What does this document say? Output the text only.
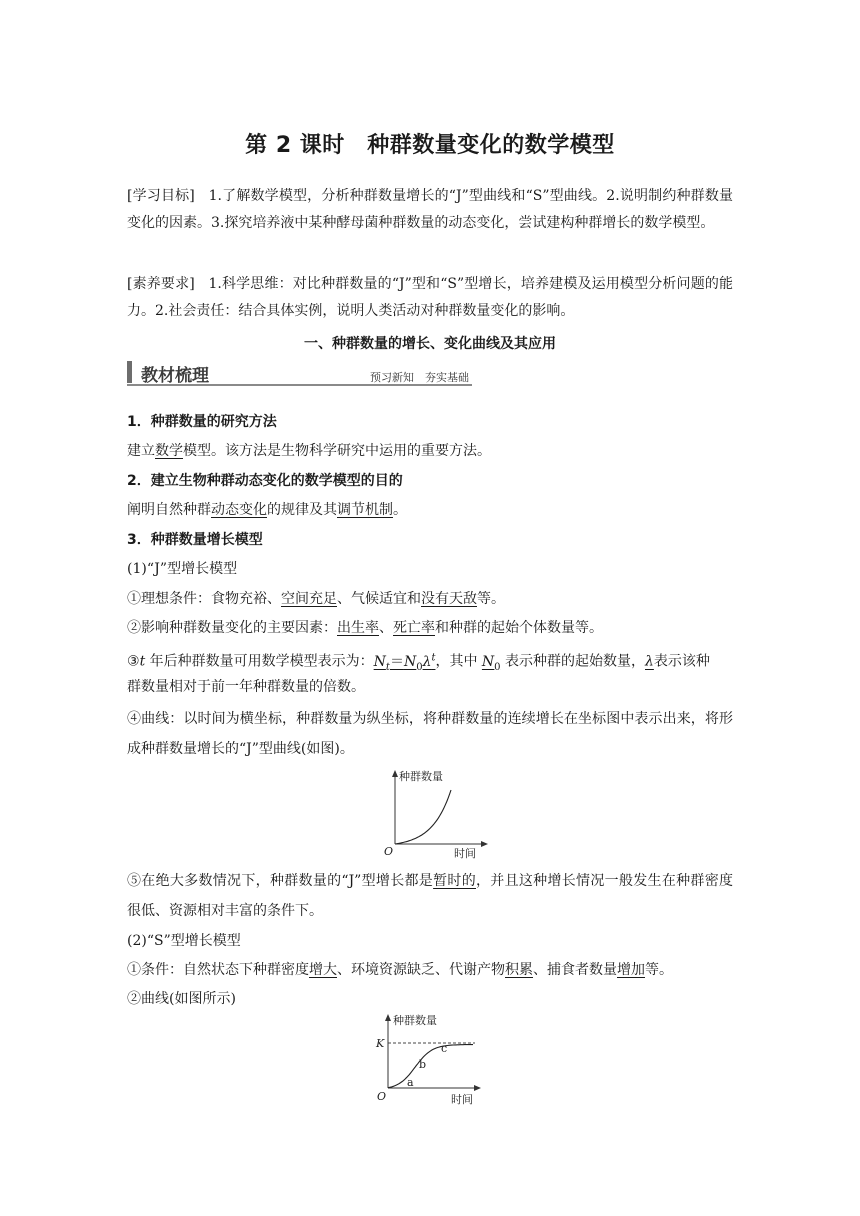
第 2 课时　种群数量变化的数学模型
[学习目标] 1.了解数学模型，分析种群数量增长的“J”型曲线和“S”型曲线。2.说明制约种群数量变化的因素。3.探究培养液中某种酵母菌种群数量的动态变化，尝试建构种群增长的数学模型。
[素养要求] 1.科学思维：对比种群数量的“J”型和“S”型增长，培养建模及运用模型分析问题的能力。2.社会责任：结合具体实例，说明人类活动对种群数量变化的影响。
一、种群数量的增长、变化曲线及其应用
教材梳理	预习新知　夯实基础
1．种群数量的研究方法
建立数学模型。该方法是生物科学研究中运用的重要方法。
2．建立生物种群动态变化的数学模型的目的
阐明自然种群动态变化的规律及其调节机制。
3．种群数量增长模型
(1)“J”型增长模型
①理想条件：食物充裕、空间充足、气候适宜和没有天敌等。
②影响种群数量变化的主要因素：出生率、死亡率和种群的起始个体数量等。
③t 年后种群数量可用数学模型表示为：$N_t=N_0\lambda^t$，其中 $N_0$ 表示种群的起始数量，λ表示该种
群数量相对于前一年种群数量的倍数。
④曲线：以时间为横坐标，种群数量为纵坐标，将种群数量的连续增长在坐标图中表示出来，将形成种群数量增长的“J”型曲线(如图)。
种群数量
时间
O
⑤在绝大多数情况下，种群数量的“J”型增长都是暂时的，并且这种增长情况一般发生在种群密度很低、资源相对丰富的条件下。
(2)“S”型增长模型
①条件：自然状态下种群密度增大、环境资源缺乏、代谢产物积累、捕食者数量增加等。
②曲线(如图所示)
种群数量
时间
O
K
a
b
c
